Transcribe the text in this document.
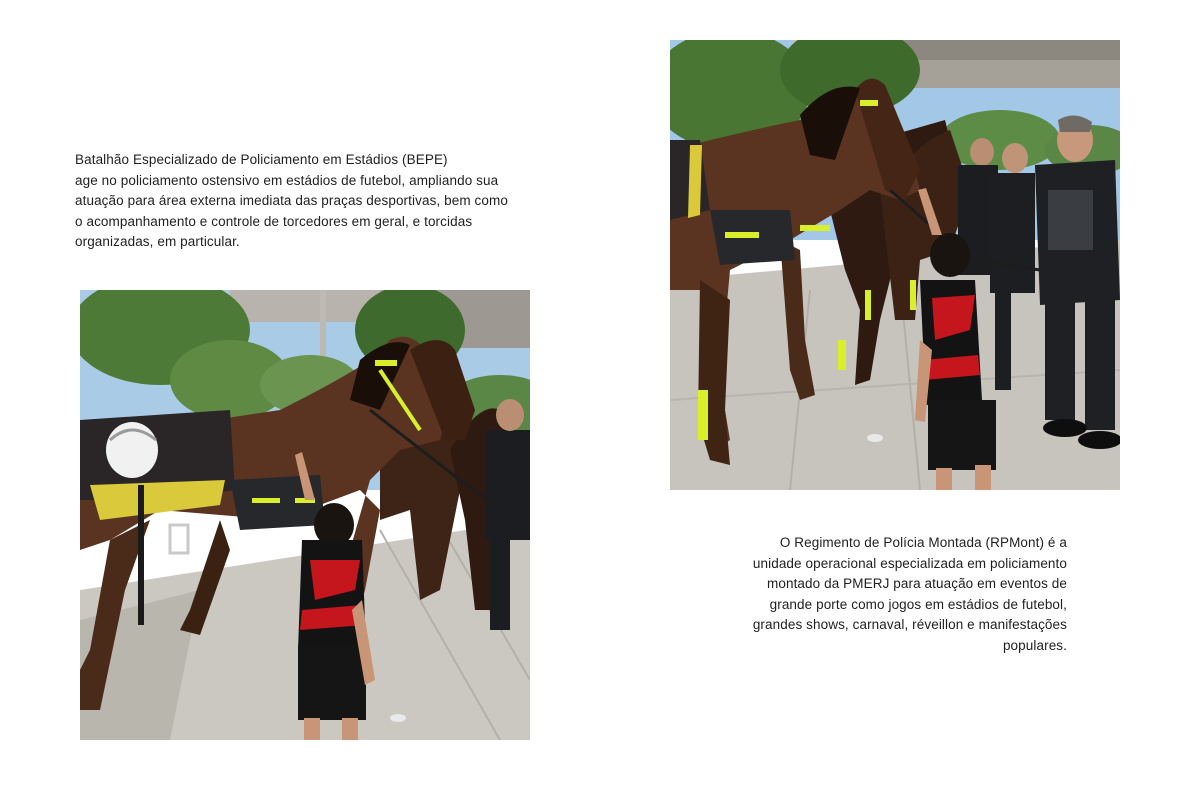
Batalhão Especializado de Policiamento em Estádios (BEPE)

age no policiamento ostensivo em estádios de futebol, ampliando sua

atuação para área externa imediata das praças desportivas, bem como

o acompanhamento e controle de torcedores em geral, e torcidas

organizadas, em particular.

O Regimento de Polícia Montada (RPMont) é a

unidade operacional especializada em policiamento

montado da PMERJ para atuação em eventos de

grande porte como jogos em estádios de futebol,

grandes shows, carnaval, réveillon e manifestações

populares.
